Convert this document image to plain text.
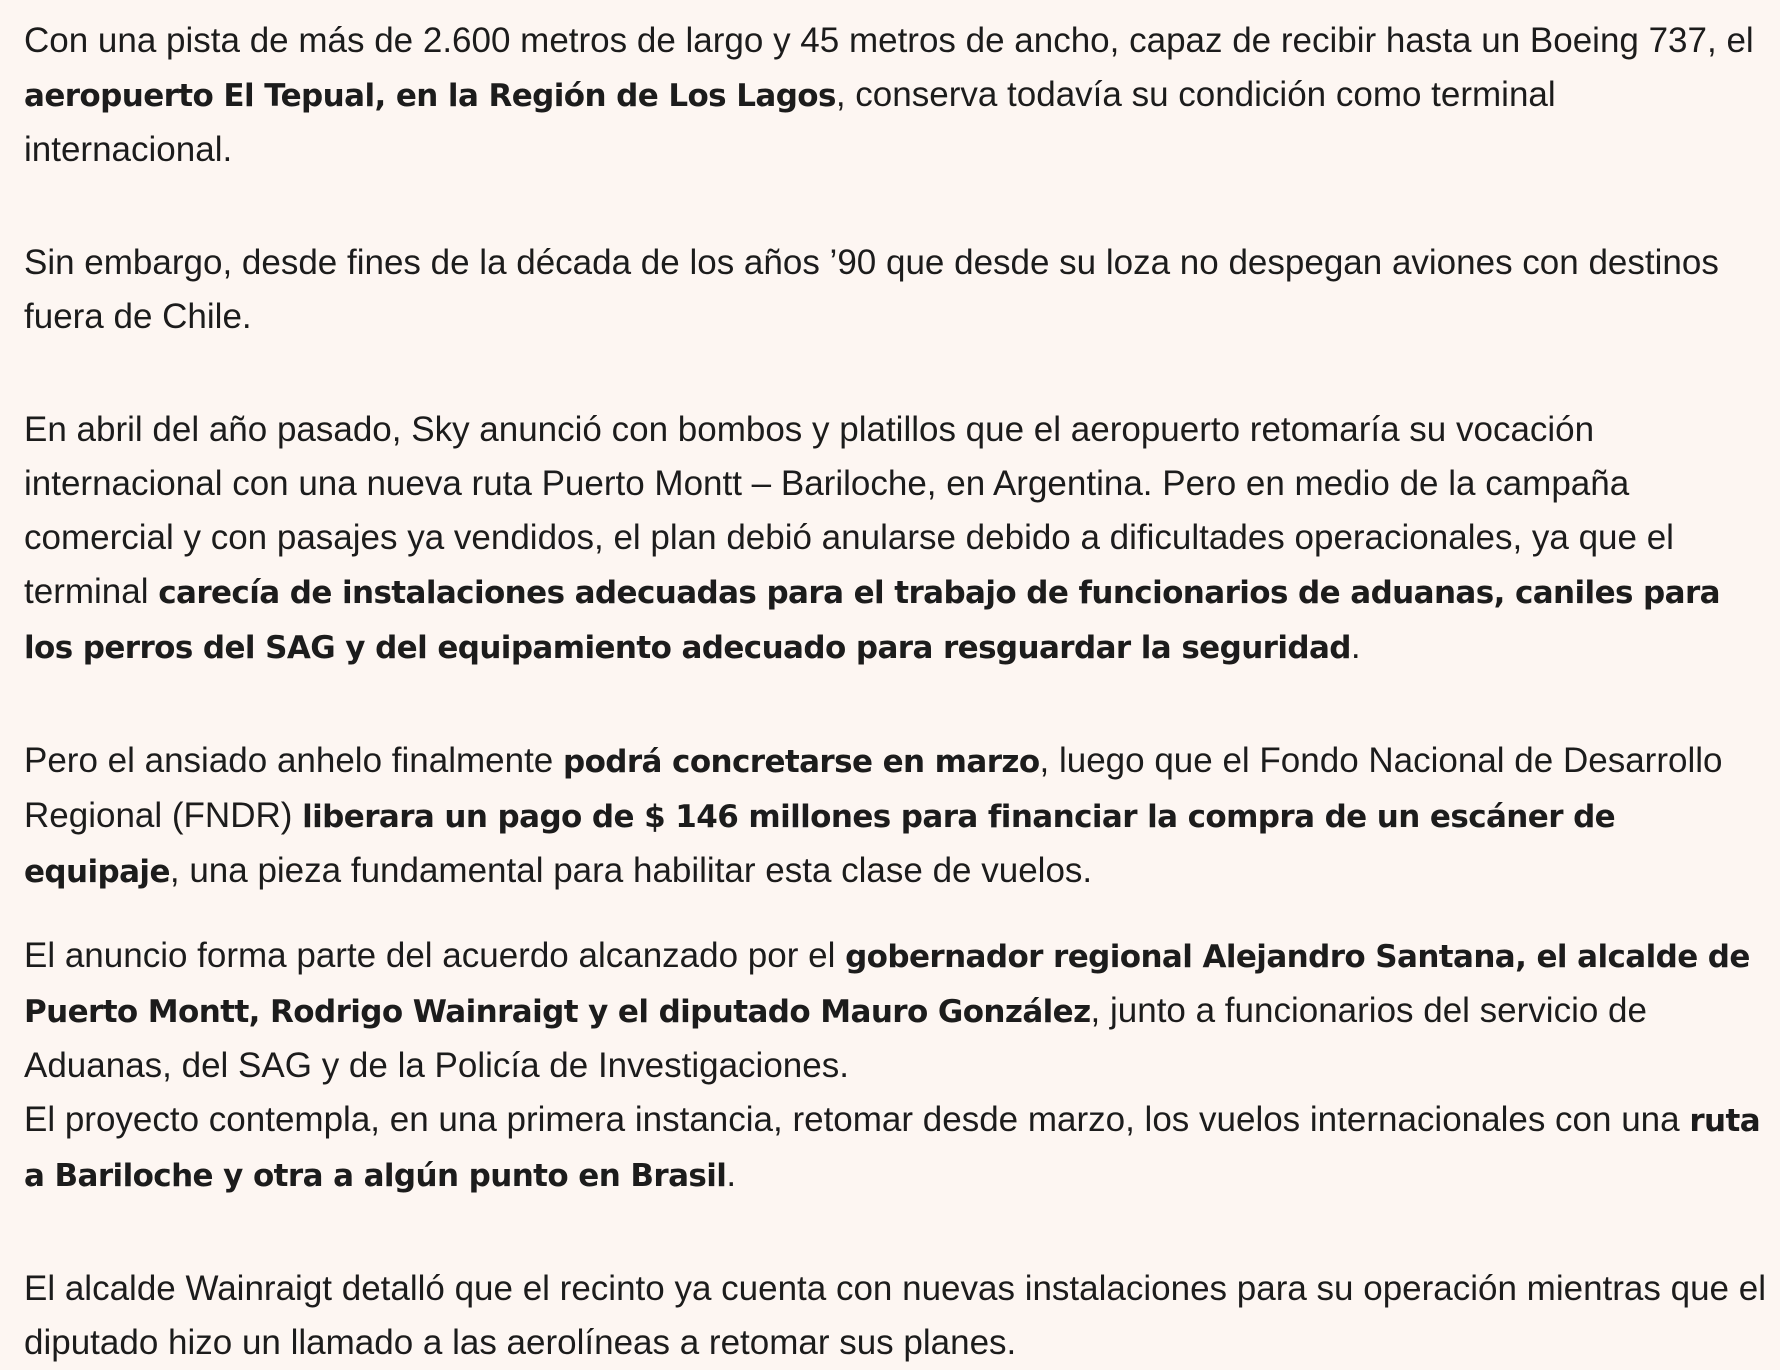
Con una pista de más de 2.600 metros de largo y 45 metros de ancho, capaz de recibir hasta un Boeing 737, el aeropuerto El Tepual, en la Región de Los Lagos, conserva todavía su condición como terminal internacional.

Sin embargo, desde fines de la década de los años ’90 que desde su loza no despegan aviones con destinos fuera de Chile.

En abril del año pasado, Sky anunció con bombos y platillos que el aeropuerto retomaría su vocación internacional con una nueva ruta Puerto Montt – Bariloche, en Argentina. Pero en medio de la campaña comercial y con pasajes ya vendidos, el plan debió anularse debido a dificultades operacionales, ya que el terminal carecía de instalaciones adecuadas para el trabajo de funcionarios de aduanas, caniles para los perros del SAG y del equipamiento adecuado para resguardar la seguridad.

Pero el ansiado anhelo finalmente podrá concretarse en marzo, luego que el Fondo Nacional de Desarrollo Regional (FNDR) liberara un pago de $ 146 millones para financiar la compra de un escáner de equipaje, una pieza fundamental para habilitar esta clase de vuelos.

El anuncio forma parte del acuerdo alcanzado por el gobernador regional Alejandro Santana, el alcalde de Puerto Montt, Rodrigo Wainraigt y el diputado Mauro González, junto a funcionarios del servicio de Aduanas, del SAG y de la Policía de Investigaciones.

El proyecto contempla, en una primera instancia, retomar desde marzo, los vuelos internacionales con una ruta a Bariloche y otra a algún punto en Brasil.

El alcalde Wainraigt detalló que el recinto ya cuenta con nuevas instalaciones para su operación mientras que el diputado hizo un llamado a las aerolíneas a retomar sus planes.
